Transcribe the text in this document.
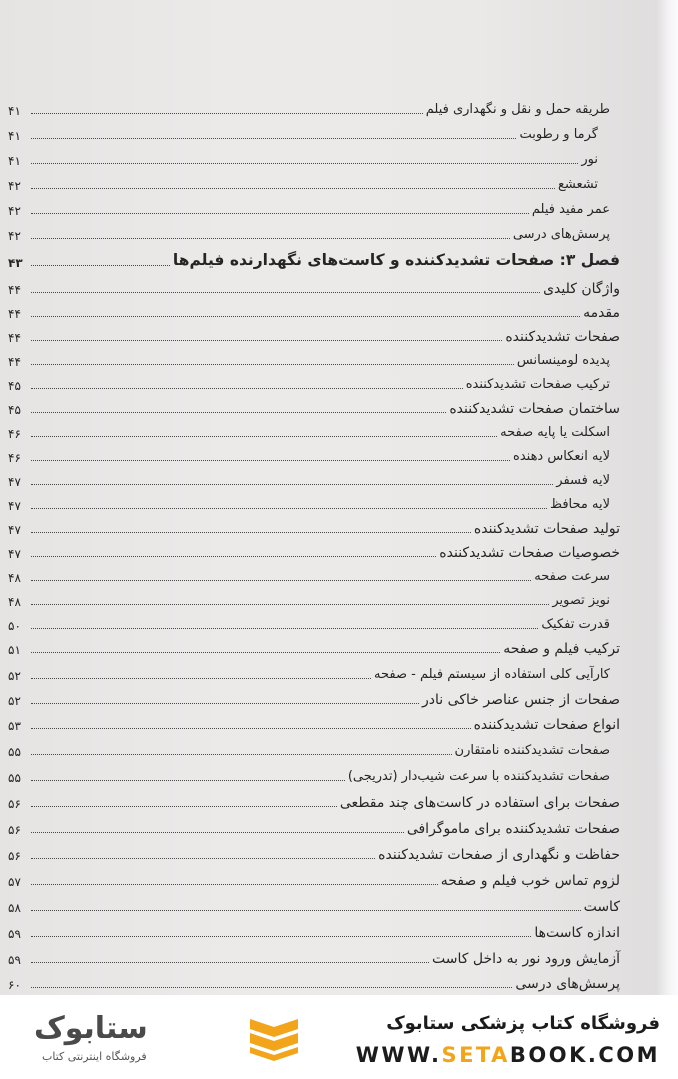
طریقه حمل و نقل و نگهداری فیلم
۴۱
گرما و رطوبت
۴۱
نور
۴۱
تشعشع
۴۲
عمر مفید فیلم
۴۲
پرسش‌های درسی
۴۲
فصل ۳: صفحات تشدیدکننده و کاست‌های نگهدارنده فیلم‌ها
۴۳
واژگان کلیدی
۴۴
مقدمه
۴۴
صفحات تشدیدکننده
۴۴
پدیده لومینسانس
۴۴
ترکیب صفحات تشدیدکننده
۴۵
ساختمان صفحات تشدیدکننده
۴۵
اسکلت یا پایه صفحه
۴۶
لایه انعکاس دهنده
۴۶
لایه فسفر
۴۷
لایه محافظ
۴۷
تولید صفحات تشدیدکننده
۴۷
خصوصیات صفحات تشدیدکننده
۴۷
سرعت صفحه
۴۸
نویز تصویر
۴۸
قدرت تفکیک
۵۰
ترکیب فیلم و صفحه
۵۱
کارآیی کلی استفاده از سیستم فیلم - صفحه
۵۲
صفحات از جنس عناصر خاکی نادر
۵۲
انواع صفحات تشدیدکننده
۵۳
صفحات تشدیدکننده نامتقارن
۵۵
صفحات تشدیدکننده با سرعت شیب‌دار (تدریجی)
۵۵
صفحات برای استفاده در کاست‌های چند مقطعی
۵۶
صفحات تشدیدکننده برای ماموگرافی
۵۶
حفاظت و نگهداری از صفحات تشدیدکننده
۵۶
لزوم تماس خوب فیلم و صفحه
۵۷
کاست
۵۸
اندازه کاست‌ها
۵۹
آزمایش ورود نور به داخل کاست
۵۹
پرسش‌های درسی
۶۰
ستابوک
فروشگاه اینترنتی کتاب
فروشگاه کتاب پزشکی ستابوک
WWW.SETABOOK.COM
